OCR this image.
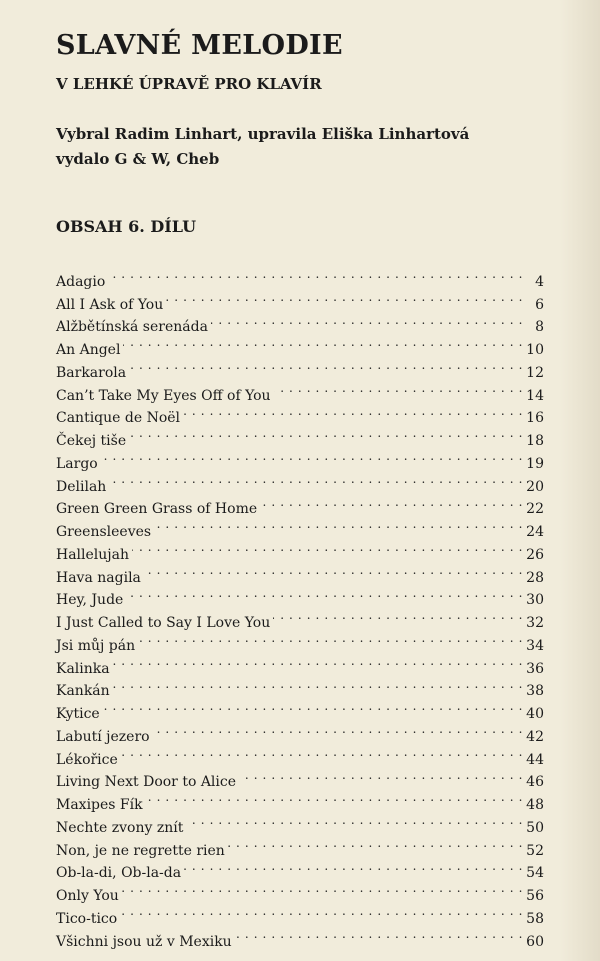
SLAVNÉ MELODIE
V LEHKÉ ÚPRAVĚ PRO KLAVÍR
Vybral Radim Linhart, upravila Eliška Linhartová
vydalo G & W, Cheb
OBSAH 6. DÍLU
Adagio . . .	4
All I Ask of You . . .	6
Alžbětínská serenáda . . .	8
An Angel . . .	10
Barkarola . . .	12
Can’t Take My Eyes Off of You . . .	14
Cantique de Noël . . .	16
Čekej tiše . . .	18
Largo . . .	19
Delilah . . .	20
Green Green Grass of Home . . .	22
Greensleeves . . .	24
Hallelujah . . .	26
Hava nagila . . .	28
Hey, Jude . . .	30
I Just Called to Say I Love You . . .	32
Jsi můj pán . . .	34
Kalinka . . .	36
Kankán . . .	38
Kytice . . .	40
Labutí jezero . . .	42
Lékořice . . .	44
Living Next Door to Alice . . .	46
Maxipes Fík . . .	48
Nechte zvony znít . . .	50
Non, je ne regrette rien . . .	52
Ob-la-di, Ob-la-da . . .	54
Only You . . .	56
Tico-tico . . .	58
Všichni jsou už v Mexiku . . .	60
